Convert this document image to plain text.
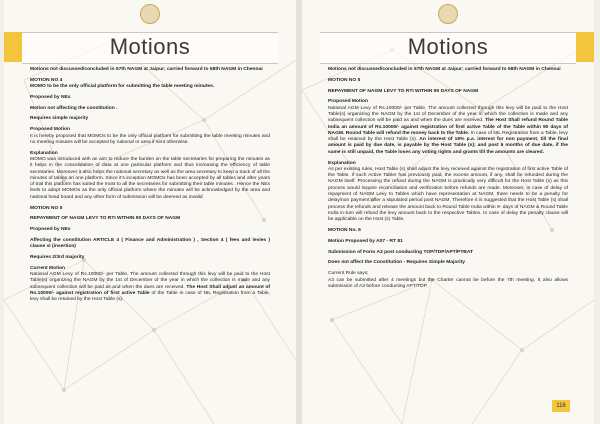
Motions

Motions not discussed/concluded in 57th NAGM at Jaipur; carried forward to 58th NAGM in Chennai

MOTION NO 4

MOMO to be the only official platform for submitting the table meeting minutes.

Proposed by NEx

Motion not affecting the constitution .

Requires simple majority

Proposed Motion

It is hereby proposed that MOMOs to be the only official platform for submitting the table meeting minutes and no meeting minutes will be accepted by national or area if sent otherwise.

Explanation

MOMO was introduced with an aim to reduce the burden on the table secretaries for preparing the minutes as it helps in the consolidation of data at one particular platform and thus increasing the efficiency of table secretaries. Moreover it also helps the national secretary as well as the area secretary to keep a track of all the minutes of tables on one platform. Since it's inception MOMOs has been accepted by all tables and after years of trial this platform has suited the most to all the secretaries for submitting their table minutes . Hence the NEx feels to adopt MOMOs as the only official platform where the minutes will be acknowledged by the area and national head board and any other form of submission will be deemed as invalid

MOTION NO 5

REPAYMENT OF NAGM LEVY TO RTI WITHIN 90 DAYS OF NAGM

Proposed by NEx

Affecting the constitution ARTICLE 4 ( Finance and Administration ) , Section 4 ( fees and levies ) clause vi (insertion)

Requires 2/3rd majority

Current Motion

National AGM Levy of Rs.10000/- per Table. The amount collected through this levy will be paid to the Host Table(s) organizing the NAGM by the 1st of December of the year in which the collection is made and any subsequent collection will be paid as and when the dues are received. The Host Shall adjust an amount of Rs.10000/- against registration of first active Table of the Table in case of NIL Registration from a Table, levy shall be retained by the Host Table (s).

Motions

Motions not discussed/concluded in 57th NAGM at Jaipur; carried forward to 58th NAGM in Chennai

MOTION NO 5

REPAYMENT OF NAGM LEVY TO RTI WITHIN 90 DAYS OF NAGM

Proposed Motion

National AGM Levy of Rs.10000/- per Table. The amount collected through this levy will be paid to the Host Table(s) organizing the NAGM by the 1st of December of the year in which the collection is made and any subsequent collection will be paid as and when the dues are received. The Host Shall refund Round Table India an amount of Rs.10000/- against registration of first active Table of the Table within 90 days of NAGM. Round Table will refund the money back to the Table. In case of NIL Registration from a Table, levy shall be retained by the Host Table (s). An interest of 18% p.a. interest for non payment, till the final amount is paid by due date, is payable by the Host Table (s); and post 6 months of due date, if the same is still unpaid, the Table loses any voting rights and grants till the amounts are cleared.

Explanation

As per existing rules, Host Table (s) shall adjust the levy received against the registration of first active Table of the Table. If such Active Tabler has previously paid, the excess amount, if any, shall be refunded during the NAGM itself. Processing the refund during the NAGM is practically very difficult for the Host Table (s) as this process would require reconciliation and verification before refunds are made. Moreover, in case of delay of repayment of NAGM Levy to Tables which have representation at NAGM, there needs to be a penalty for delay/non payment after a stipulated period post NAGM. Therefore it is suggested that the Host Table (s) shall process the refunds and release the amount back to Round Table India within 9- days of NAGM & Round Table India in-turn will refund the levy amount back to the respective Tables. In case of delay the penalty clause will be applicable on the Host (s) Table.

MOTION No. 6

Motion Proposed by A07 - RT 81

Submission of Form A3 post conducting TOP/TDP/APT/PTBAT

Does not affect the Constitution - Requires Simple Majority

Current Rule says;

A3 can be submitted after 4 meetings but the Charter cannot be before the 7th meeting. It also allows submission of A3 before conducting APT/TDP.

116
